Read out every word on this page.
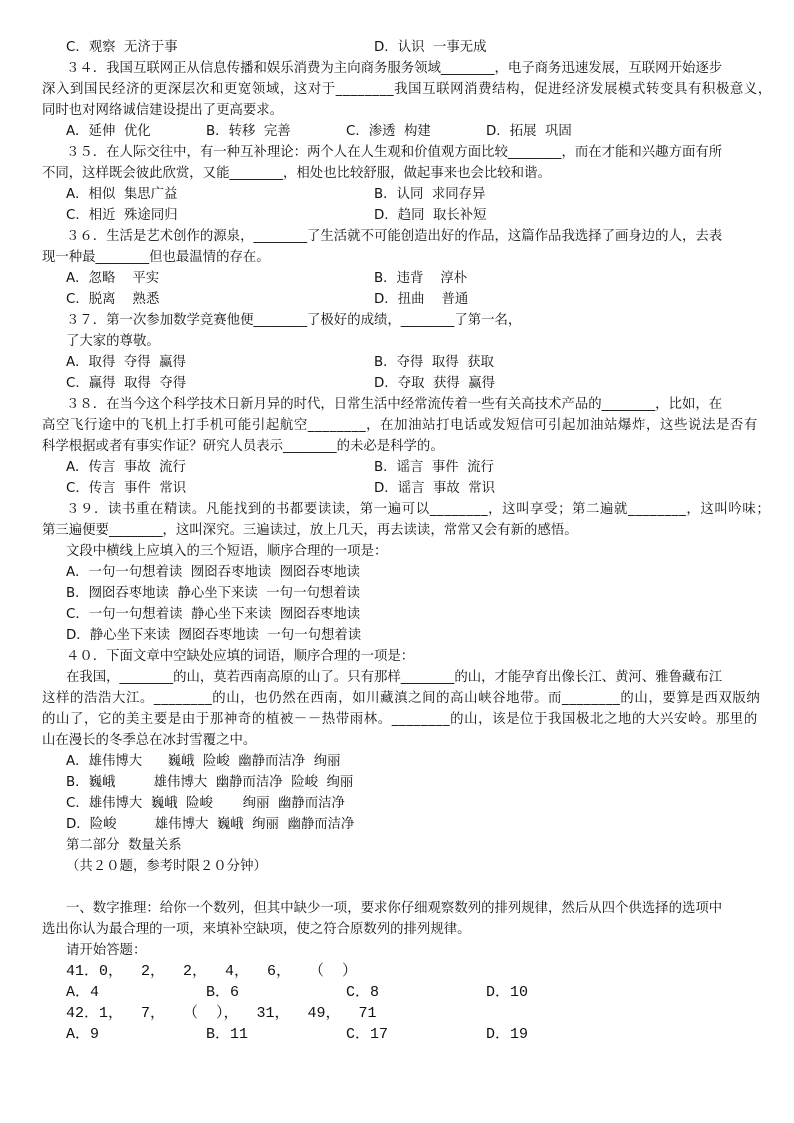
C．观察  无济于事	D．认识  一事无成
３４．我国互联网正从信息传播和娱乐消费为主向商务服务领域________，电子商务迅速发展，互联网开始逐步
深入到国民经济的更深层次和更宽领域，这对于________我国互联网消费结构，促进经济发展模式转变具有积极意义，
同时也对网络诚信建设提出了更高要求。
A．延伸  优化	B．转移  完善	C．渗透  构建	D．拓展  巩固
３５．在人际交往中，有一种互补理论：两个人在人生观和价值观方面比较________，而在才能和兴趣方面有所
不同，这样既会彼此欣赏，又能________，相处也比较舒服，做起事来也会比较和谐。
A．相似  集思广益	B．认同  求同存异
C．相近  殊途同归	D．趋同  取长补短
３６．生活是艺术创作的源泉，________了生活就不可能创造出好的作品，这篇作品我选择了画身边的人，去表
现一种最________但也最温情的存在。
A．忽略    平实	B．违背    淳朴
C．脱离    熟悉	D．扭曲    普通
３７．第一次参加数学竞赛他便________了极好的成绩，________了第一名，
了大家的尊敬。
A．取得  夺得  赢得	B．夺得  取得  获取
C．赢得  取得  夺得	D．夺取  获得  赢得
３８．在当今这个科学技术日新月异的时代，日常生活中经常流传着一些有关高技术产品的________，比如，在
高空飞行途中的飞机上打手机可能引起航空________，在加油站打电话或发短信可引起加油站爆炸，这些说法是否有
科学根据或者有事实作证？研究人员表示________的未必是科学的。
A．传言  事故  流行	B．谣言  事件  流行
C．传言  事件  常识	D．谣言  事故  常识
３９．读书重在精读。凡能找到的书都要读读，第一遍可以________，这叫享受；第二遍就________，这叫吟味；
第三遍便要________，这叫深究。三遍读过，放上几天，再去读读，常常又会有新的感悟。
文段中横线上应填入的三个短语，顺序合理的一项是：
A．一句一句想着读  囫囵吞枣地读  囫囵吞枣地读
B．囫囵吞枣地读  静心坐下来读  一句一句想着读
C．一句一句想着读  静心坐下来读  囫囵吞枣地读
D．静心坐下来读  囫囵吞枣地读  一句一句想着读
４０．下面文章中空缺处应填的词语，顺序合理的一项是：
在我国，________的山，莫若西南高原的山了。只有那样________的山，才能孕育出像长江、黄河、雅鲁藏布江
这样的浩浩大江。________的山，也仍然在西南，如川藏滇之间的高山峡谷地带。而________的山，要算是西双版纳
的山了，它的美主要是由于那神奇的植被－－热带雨林。________的山，该是位于我国极北之地的大兴安岭。那里的
山在漫长的冬季总在冰封雪覆之中。
A．雄伟博大      巍峨  险峻  幽静而洁净  绚丽
B．巍峨         雄伟博大  幽静而洁净  险峻  绚丽
C．雄伟博大  巍峨  险峻       绚丽  幽静而洁净
D．险峻         雄伟博大  巍峨  绚丽  幽静而洁净
第二部分  数量关系
（共２０题，参考时限２０分钟）
一、数字推理：给你一个数列，但其中缺少一项，要求你仔细观察数列的排列规律，然后从四个供选择的选项中
选出你认为最合理的一项，来填补空缺项，使之符合原数列的排列规律。
请开始答题：
41．0，  2，  2，  4，  6，  （  ）
A．4	B．6	C．8	D．10
42．1，  7，  （  ），  31，  49，  71
A．9	B．11	C．17	D．19
